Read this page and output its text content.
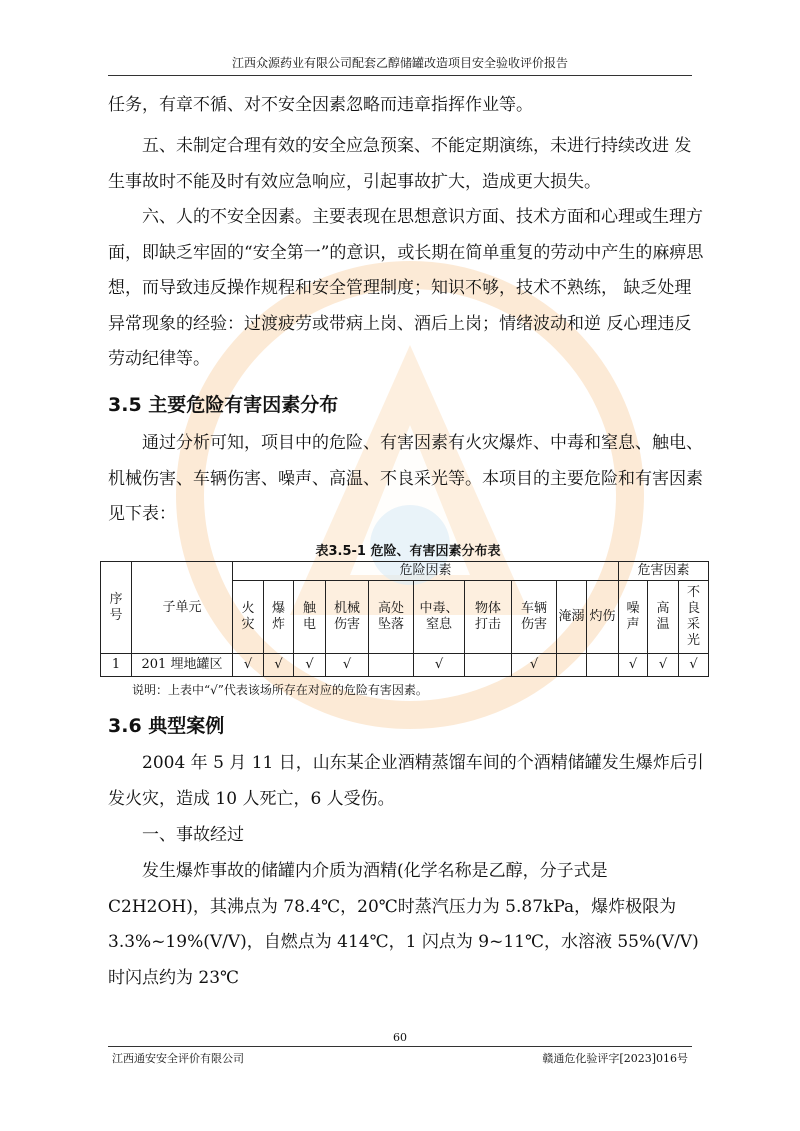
江西众源药业有限公司配套乙醇储罐改造项目安全验收评价报告
任务，有章不循、对不安全因素忽略而违章指挥作业等。
五、未制定合理有效的安全应急预案、不能定期演练，未进行持续改进 发生事故时不能及时有效应急响应，引起事故扩大，造成更大损失。
六、人的不安全因素。主要表现在思想意识方面、技术方面和心理或生理方面，即缺乏牢固的“安全第一”的意识，或长期在简单重复的劳动中产生的麻痹思想，而导致违反操作规程和安全管理制度；知识不够，技术不熟练， 缺乏处理异常现象的经验：过渡疲劳或带病上岗、酒后上岗；情绪波动和逆 反心理违反劳动纪律等。
3.5 主要危险有害因素分布
通过分析可知，项目中的危险、有害因素有火灾爆炸、中毒和窒息、触电、机械伤害、车辆伤害、噪声、高温、不良采光等。本项目的主要危险和有害因素见下表：
表3.5-1 危险、有害因素分布表
序号	子单元	危险因素										危害因素		
		火灾	爆炸	触电	机械伤害	高处坠落	中毒、窒息	物体打击	车辆伤害	淹溺	灼伤	噪声	高温	不良采光
1	201 埋地罐区	√	√	√	√		√		√			√	√	√
说明：上表中“√”代表该场所存在对应的危险有害因素。
3.6 典型案例
2004 年 5 月 11 日，山东某企业酒精蒸馏车间的个酒精储罐发生爆炸后引发火灾，造成 10 人死亡，6 人受伤。
一、事故经过
发生爆炸事故的储罐内介质为酒精(化学名称是乙醇，分子式是 C2H2OH)，其沸点为 78.4℃，20℃时蒸汽压力为 5.87kPa，爆炸极限为 3.3%~19%(V/V)，自燃点为 414℃，1 闪点为 9~11℃，水溶液 55%(V/V)时闪点约为 23℃
60
江西通安安全评价有限公司	赣通危化验评字[2023]016号
